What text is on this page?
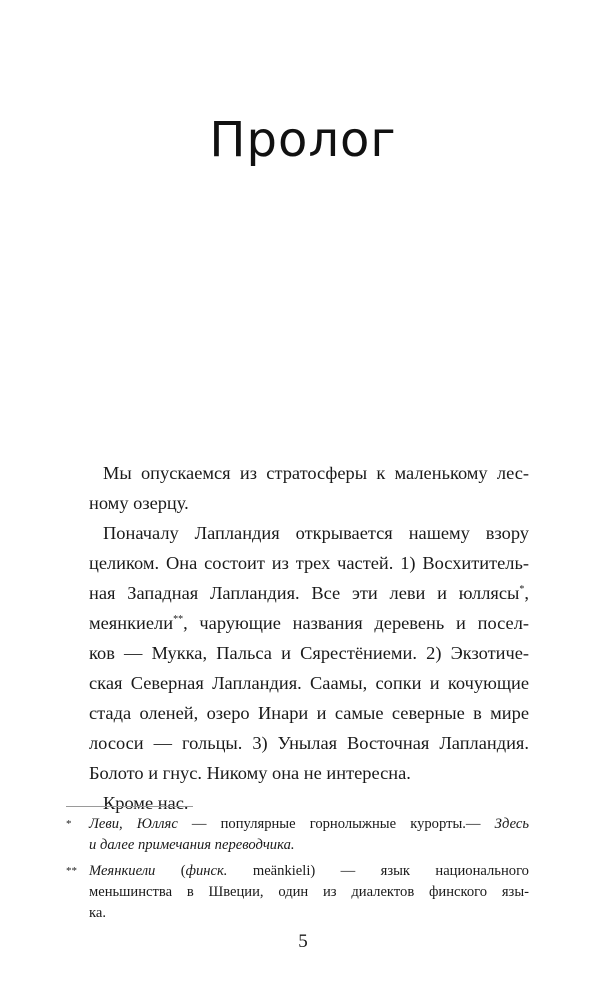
Пролог
Мы опускаемся из стратосферы к маленькому лес-
ному озерцу.
Поначалу Лапландия открывается нашему взору
целиком. Она состоит из трех частей. 1) Восхититель-
ная Западная Лапландия. Все эти леви и юллясы*,
меянкиели**, чарующие названия деревень и посел-
ков — Мукка, Пальса и Сярестёниеми. 2) Экзотиче-
ская Северная Лапландия. Саамы, сопки и кочующие
стада оленей, озеро Инари и самые северные в мире
лососи — гольцы. 3) Унылая Восточная Лапландия.
Болото и гнус. Никому она не интересна.
Кроме нас.
* Леви, Юлляс — популярные горнолыжные курорты.— Здесь
и далее примечания переводчика.
** Меянкиели (финск. meänkieli) — язык национального
меньшинства в Швеции, один из диалектов финского язы-
ка.
5
